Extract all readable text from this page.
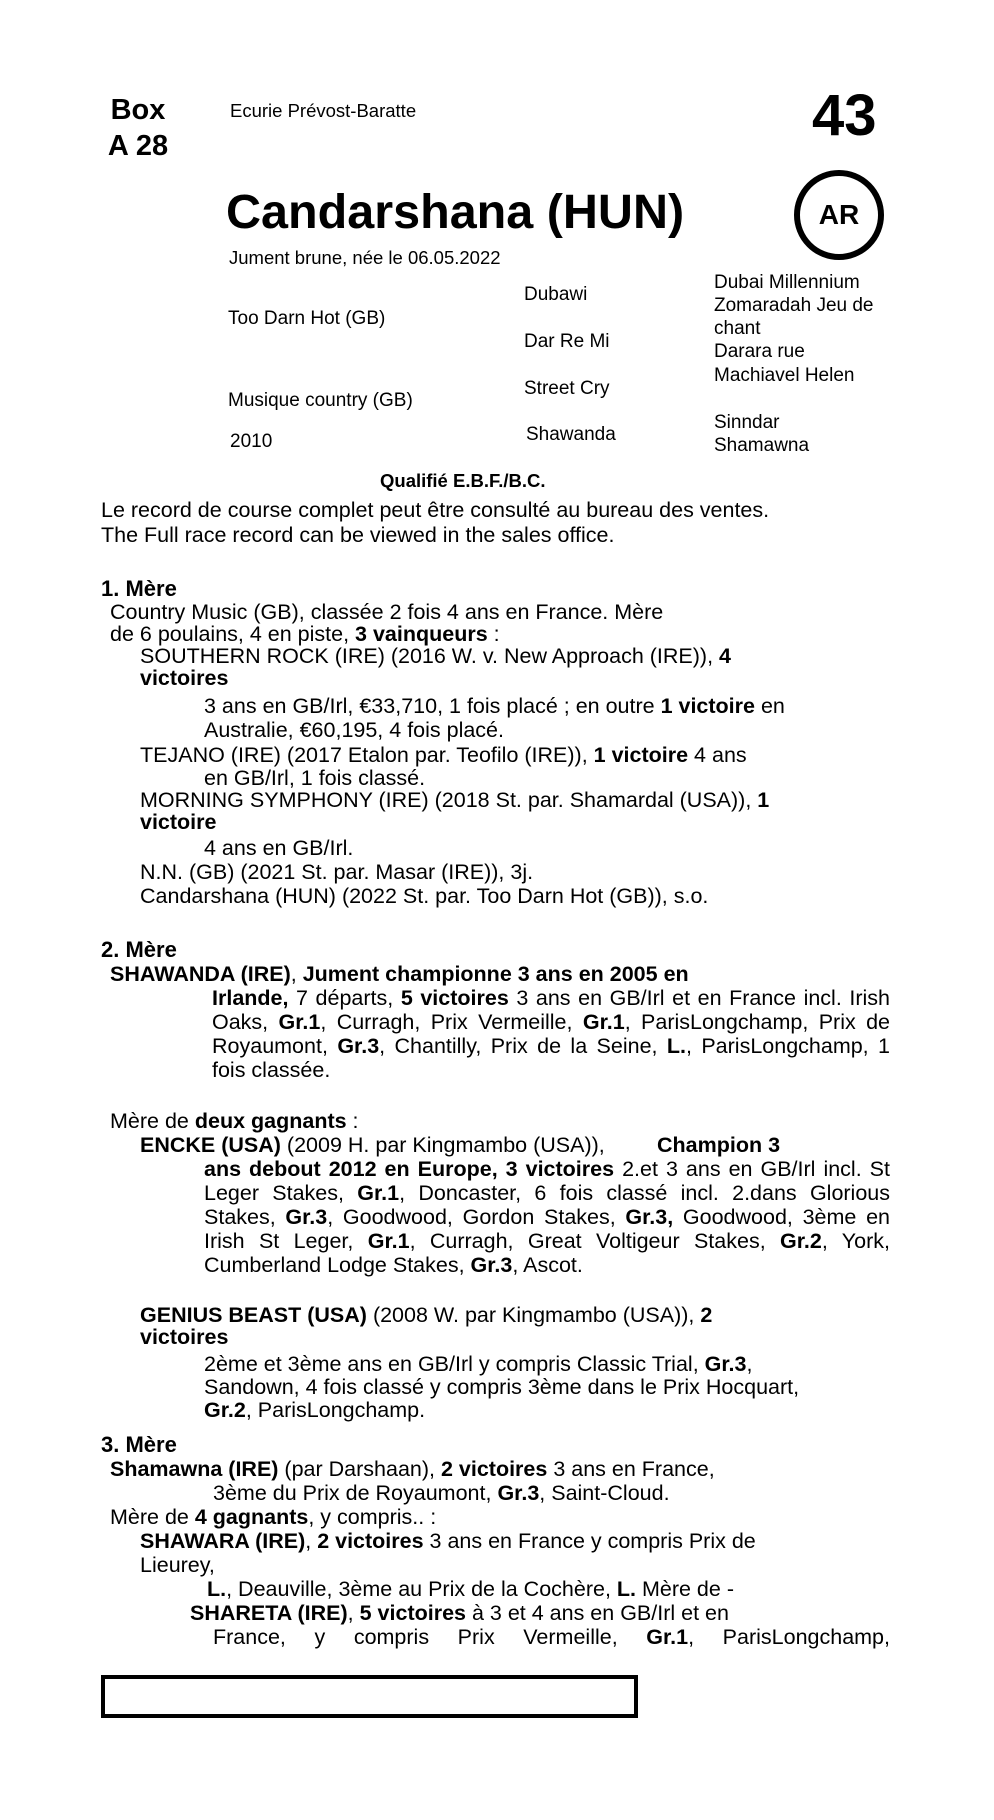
Box
A 28
Ecurie Prévost-Baratte	43
Candarshana (HUN)	AR
Jument brune, née le 06.05.2022
Too Darn Hot (GB)
Musique country (GB)
2010
Dubawi
Dar Re Mi
Street Cry
Shawanda
Dubai Millennium
Zomaradah Jeu de
chant
Darara rue
Machiavel Helen
Sinndar
Shamawna
Qualifié E.B.F./B.C.
Le record de course complet peut être consulté au bureau des ventes.
The Full race record can be viewed in the sales office.
1. Mère
Country Music (GB), classée 2 fois 4 ans en France. Mère
de 6 poulains, 4 en piste, 3 vainqueurs :
SOUTHERN ROCK (IRE) (2016 W. v. New Approach (IRE)), 4
victoires
3 ans en GB/Irl, €33,710, 1 fois placé ; en outre 1 victoire en
Australie, €60,195, 4 fois placé.
TEJANO (IRE) (2017 Etalon par. Teofilo (IRE)), 1 victoire 4 ans
en GB/Irl, 1 fois classé.
MORNING SYMPHONY (IRE) (2018 St. par. Shamardal (USA)), 1
victoire
4 ans en GB/Irl.
N.N. (GB) (2021 St. par. Masar (IRE)), 3j.
Candarshana (HUN) (2022 St. par. Too Darn Hot (GB)), s.o.
2. Mère
SHAWANDA (IRE), Jument championne 3 ans en 2005 en
Irlande, 7 départs, 5 victoires 3 ans en GB/Irl et en France incl. Irish Oaks, Gr.1, Curragh, Prix Vermeille, Gr.1, ParisLongchamp, Prix de Royaumont, Gr.3, Chantilly, Prix de la Seine, L., ParisLongchamp, 1 fois classée.
Mère de deux gagnants :
ENCKE (USA) (2009 H. par Kingmambo (USA)), Champion 3
ans debout 2012 en Europe, 3 victoires 2.et 3 ans en GB/Irl incl. St Leger Stakes, Gr.1, Doncaster, 6 fois classé incl. 2.dans Glorious Stakes, Gr.3, Goodwood, Gordon Stakes, Gr.3, Goodwood, 3ème en Irish St Leger, Gr.1, Curragh, Great Voltigeur Stakes, Gr.2, York, Cumberland Lodge Stakes, Gr.3, Ascot.
GENIUS BEAST (USA) (2008 W. par Kingmambo (USA)), 2
victoires
2ème et 3ème ans en GB/Irl y compris Classic Trial, Gr.3,
Sandown, 4 fois classé y compris 3ème dans le Prix Hocquart,
Gr.2, ParisLongchamp.
3. Mère
Shamawna (IRE) (par Darshaan), 2 victoires 3 ans en France,
3ème du Prix de Royaumont, Gr.3, Saint-Cloud.
Mère de 4 gagnants, y compris.. :
SHAWARA (IRE), 2 victoires 3 ans en France y compris Prix de
Lieurey,
L., Deauville, 3ème au Prix de la Cochère, L. Mère de -
SHARETA (IRE), 5 victoires à 3 et 4 ans en GB/Irl et en
France, y compris Prix Vermeille, Gr.1, ParisLongchamp,
